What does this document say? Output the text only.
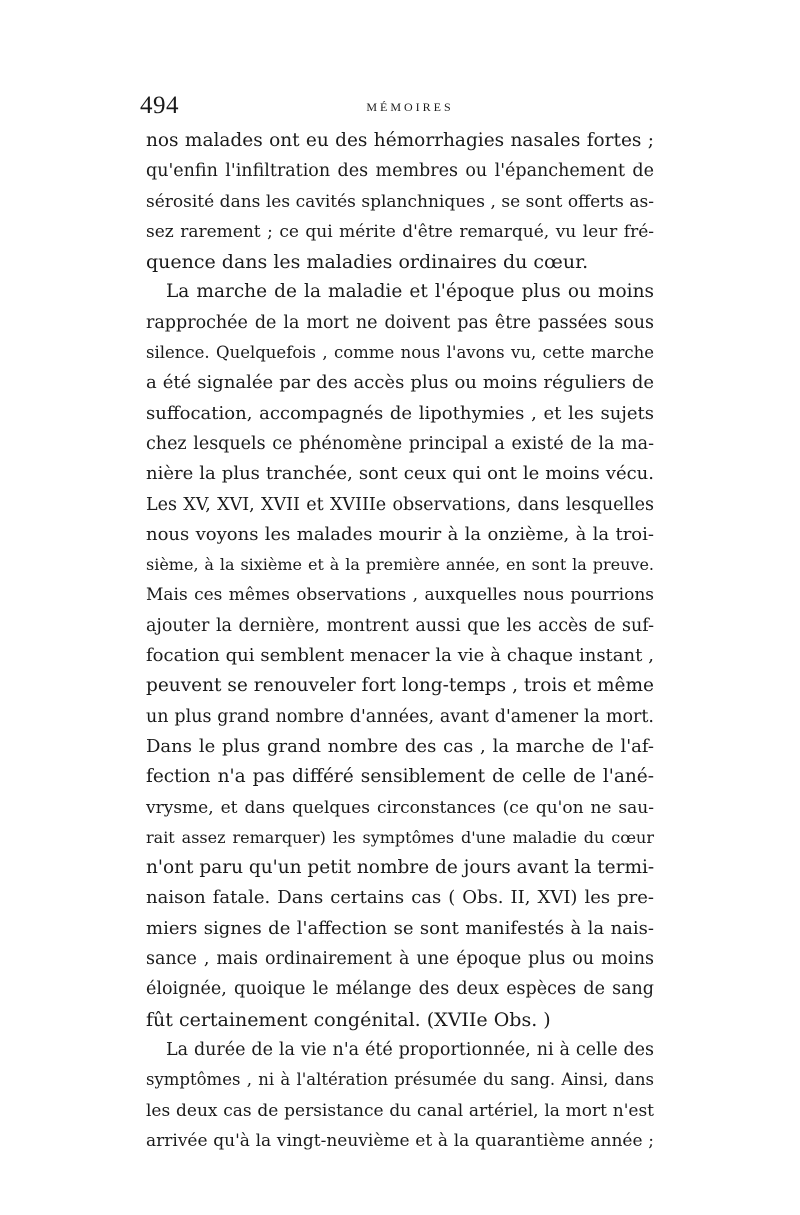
494	MÉMOIRES
nos malades ont eu des hémorrhagies nasales fortes ;
qu'enfin l'infiltration des membres ou l'épanchement de
sérosité dans les cavités splanchniques , se sont offerts as-
sez rarement ; ce qui mérite d'être remarqué, vu leur fré-
quence dans les maladies ordinaires du cœur.
La marche de la maladie et l'époque plus ou moins
rapprochée de la mort ne doivent pas être passées sous
silence. Quelquefois , comme nous l'avons vu, cette marche
a été signalée par des accès plus ou moins réguliers de
suffocation, accompagnés de lipothymies , et les sujets
chez lesquels ce phénomène principal a existé de la ma-
nière la plus tranchée, sont ceux qui ont le moins vécu.
Les XV, XVI, XVII et XVIIIe observations, dans lesquelles
nous voyons les malades mourir à la onzième, à la troi-
sième, à la sixième et à la première année, en sont la preuve.
Mais ces mêmes observations , auxquelles nous pourrions
ajouter la dernière, montrent aussi que les accès de suf-
focation qui semblent menacer la vie à chaque instant ,
peuvent se renouveler fort long-temps , trois et même
un plus grand nombre d'années, avant d'amener la mort.
Dans le plus grand nombre des cas , la marche de l'af-
fection n'a pas différé sensiblement de celle de l'ané-
vrysme, et dans quelques circonstances (ce qu'on ne sau-
rait assez remarquer) les symptômes d'une maladie du cœur
n'ont paru qu'un petit nombre de jours avant la termi-
naison fatale. Dans certains cas ( Obs. II, XVI) les pre-
miers signes de l'affection se sont manifestés à la nais-
sance , mais ordinairement à une époque plus ou moins
éloignée, quoique le mélange des deux espèces de sang
fût certainement congénital. (XVIIe Obs. )
La durée de la vie n'a été proportionnée, ni à celle des
symptômes , ni à l'altération présumée du sang. Ainsi, dans
les deux cas de persistance du canal artériel, la mort n'est
arrivée qu'à la vingt-neuvième et à la quarantième année ;
